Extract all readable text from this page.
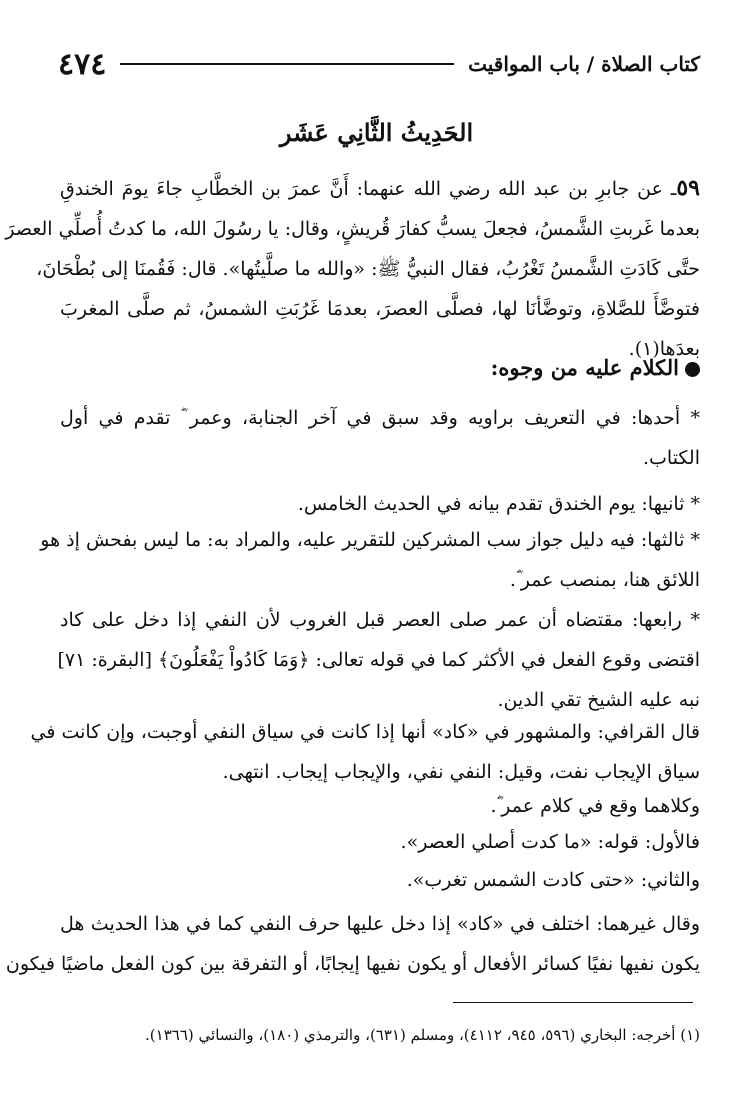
كتاب الصلاة / باب المواقيت
٤٧٤
الحَدِيثُ الثَّانِي عَشَر
٥٩ـ عن جابرِ بن عبد الله رضي الله عنهما: أَنَّ عمرَ بن الخطَّابِ جاءَ يومَ الخندقِ
بعدما غَربتِ الشَّمسُ، فجعلَ يسبُّ كفارَ قُريشٍ، وقال: يا رسُولَ الله، ما كدتُ أُصلِّي العصرَ
حتَّى كَادَتِ الشَّمسُ تَغْرُبُ، فقال النبيُّ ﷺ: «والله ما صلَّيتُها». قال: فَقُمنَا إلى بُطْحَانَ،
فتوضَّأَ للصَّلاةِ، وتوضَّأنَا لها، فصلَّى العصرَ، بعدمَا غَرُبَتِ الشمسُ، ثم صلَّى المغربَ
بعدَها(١).
الكلام عليه من وجوه:
* أحدها: في التعريف براويه وقد سبق في آخر الجنابة، وعمر ؓ تقدم في أول
الكتاب.
* ثانيها: يوم الخندق تقدم بيانه في الحديث الخامس.
* ثالثها: فيه دليل جواز سب المشركين للتقرير عليه، والمراد به: ما ليس بفحش إذ هو
اللائق هنا، بمنصب عمر ؓ.
* رابعها: مقتضاه أن عمر صلى العصر قبل الغروب لأن النفي إذا دخل على كاد
اقتضى وقوع الفعل في الأكثر كما في قوله تعالى: ﴿وَمَا كَادُواْ يَفْعَلُونَ﴾ [البقرة: ٧١]
نبه عليه الشيخ تقي الدين.
قال القرافي: والمشهور في «كاد» أنها إذا كانت في سياق النفي أوجبت، وإن كانت في
سياق الإيجاب نفت، وقيل: النفي نفي، والإيجاب إيجاب. انتهى.
وكلاهما وقع في كلام عمر ؓ.
فالأول: قوله: «ما كدت أصلي العصر».
والثاني: «حتى كادت الشمس تغرب».
وقال غيرهما: اختلف في «كاد» إذا دخل عليها حرف النفي كما في هذا الحديث هل
يكون نفيها نفيًا كسائر الأفعال أو يكون نفيها إيجابًا، أو التفرقة بين كون الفعل ماضيًا فيكون
(١) أخرجه: البخاري (٥٩٦، ٩٤٥، ٤١١٢)، ومسلم (٦٣١)، والترمذي (١٨٠)، والنسائي (١٣٦٦).
